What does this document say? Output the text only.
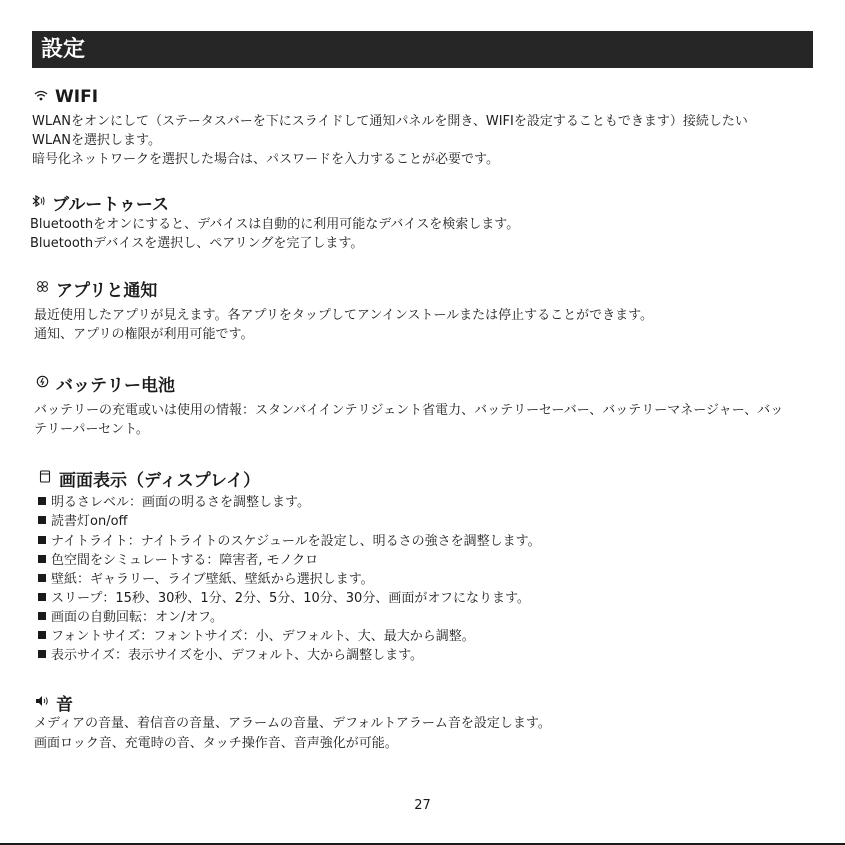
設定
WIFI
WLANをオンにして（ステータスバーを下にスライドして通知パネルを開き、WIFIを設定することもできます）接続したい
WLANを選択します。
暗号化ネットワークを選択した場合は、パスワードを入力することが必要です。
ブルートゥース
Bluetoothをオンにすると、デバイスは自動的に利用可能なデバイスを検索します。
Bluetoothデバイスを選択し、ペアリングを完了します。
アプリと通知
最近使用したアプリが見えます。各アプリをタップしてアンインストールまたは停止することができます。
通知、アプリの権限が利用可能です。
バッテリー电池
バッテリーの充電或いは使用の情報：スタンバイインテリジェント省電力、バッテリーセーバー、バッテリーマネージャー、バッ
テリーパーセント。
画面表示（ディスプレイ）
明るさレベル：画面の明るさを調整します。
読書灯on/off
ナイトライト：ナイトライトのスケジュールを設定し、明るさの強さを調整します。
色空間をシミュレートする：障害者, モノクロ
壁紙：ギャラリー、ライブ壁紙、壁紙から選択します。
スリープ：15秒、30秒、1分、2分、5分、10分、30分、画面がオフになります。
画面の自動回転：オン/オフ。
フォントサイズ：フォントサイズ：小、デフォルト、大、最大から調整。
表示サイズ：表示サイズを小、デフォルト、大から調整します。
音
メディアの音量、着信音の音量、アラームの音量、デフォルトアラーム音を設定します。
画面ロック音、充電時の音、タッチ操作音、音声強化が可能。
27
